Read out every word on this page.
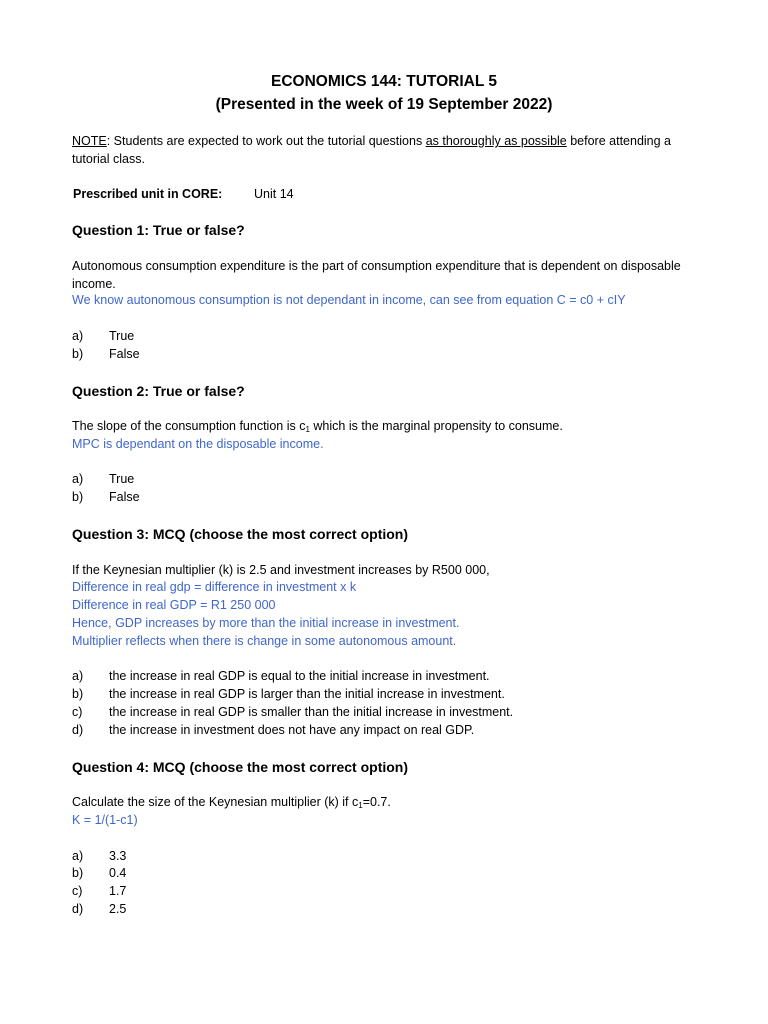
ECONOMICS 144: TUTORIAL 5
(Presented in the week of 19 September 2022)
NOTE: Students are expected to work out the tutorial questions as thoroughly as possible before attending a tutorial class.
Prescribed unit in CORE:	Unit 14
Question 1: True or false?
Autonomous consumption expenditure is the part of consumption expenditure that is dependent on disposable income.
We know autonomous consumption is not dependant in income, can see from equation C = c0 + cIY
a) True
b) False
Question 2: True or false?
The slope of the consumption function is $c_1$ which is the marginal propensity to consume.
MPC is dependant on the disposable income.
a) True
b) False
Question 3: MCQ (choose the most correct option)
If the Keynesian multiplier (k) is 2.5 and investment increases by R500 000,
Difference in real gdp = difference in investment x k
Difference in real GDP = R1 250 000
Hence, GDP increases by more than the initial increase in investment.
Multiplier reflects when there is change in some autonomous amount.
a) the increase in real GDP is equal to the initial increase in investment.
b) the increase in real GDP is larger than the initial increase in investment.
c) the increase in real GDP is smaller than the initial increase in investment.
d) the increase in investment does not have any impact on real GDP.
Question 4: MCQ (choose the most correct option)
Calculate the size of the Keynesian multiplier (k) if $c_1=0.7$.
K = 1/(1-c1)
a) 3.3
b) 0.4
c) 1.7
d) 2.5
